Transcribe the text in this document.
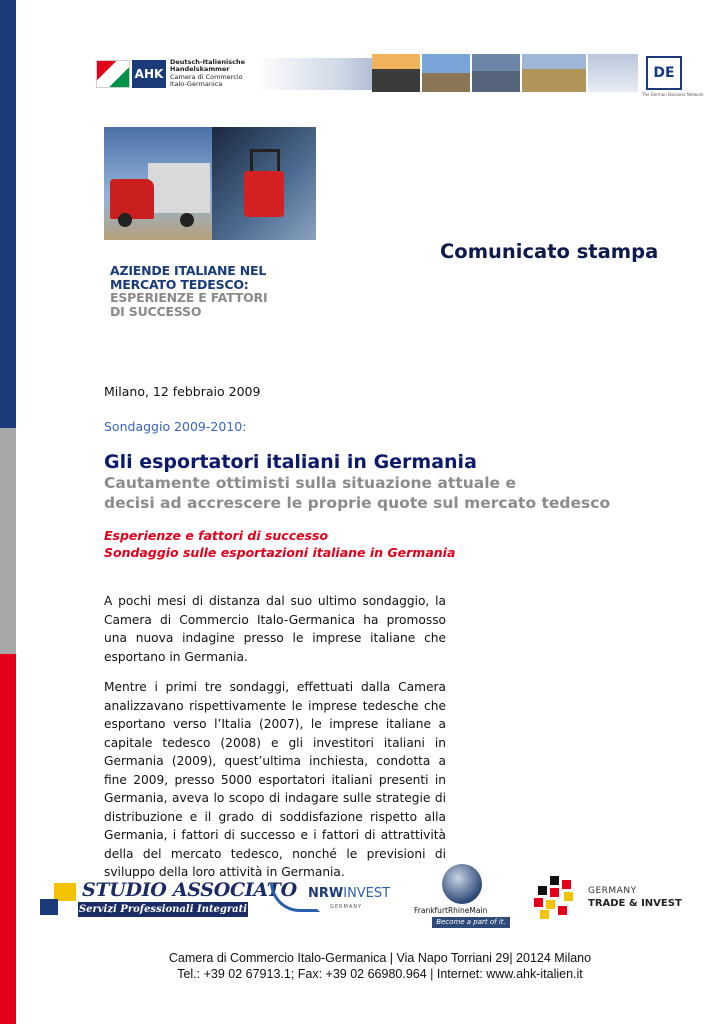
AHK
Deutsch-Italienische
Handelskammer
Camera di Commercio
Italo-Germanica
DE
The German Business Network
Comunicato stampa
AZIENDE ITALIANE NEL
MERCATO TEDESCO:
ESPERIENZE E FATTORI
DI SUCCESSO
Milano, 12 febbraio 2009
Sondaggio 2009-2010:
Gli esportatori italiani in Germania
Cautamente ottimisti sulla situazione attuale e
decisi ad accrescere le proprie quote sul mercato tedesco
Esperienze e fattori di successo
Sondaggio sulle esportazioni italiane in Germania

A pochi mesi di distanza dal suo ultimo sondaggio, la Camera di Commercio Italo-Germanica ha promosso una nuova indagine presso le imprese italiane che esportano in Germania.

Mentre i primi tre sondaggi, effettuati dalla Camera analizzavano rispettivamente le imprese tedesche che esportano verso l’Italia (2007), le imprese italiane a capitale tedesco (2008) e gli investitori italiani in Germania (2009), quest’ultima inchiesta, condotta a fine 2009, presso 5000 esportatori italiani presenti in Germania, aveva lo scopo di indagare sulle strategie di distribuzione e il grado di soddisfazione rispetto alla Germania, i fattori di successo e i fattori di attrattività della del mercato tedesco, nonché le previsioni di sviluppo della loro attività in Germania.

STUDIO ASSOCIATO
Servizi Professionali Integrati
NRWINVEST
GERMANY	FrankfurtRhineMain
Become a part of it.
GERMANY
TRADE & INVEST
Camera di Commercio Italo-Germanica | Via Napo Torriani 29| 20124 Milano
Tel.: +39 02 67913.1; Fax: +39 02 66980.964 | Internet: www.ahk-italien.it
